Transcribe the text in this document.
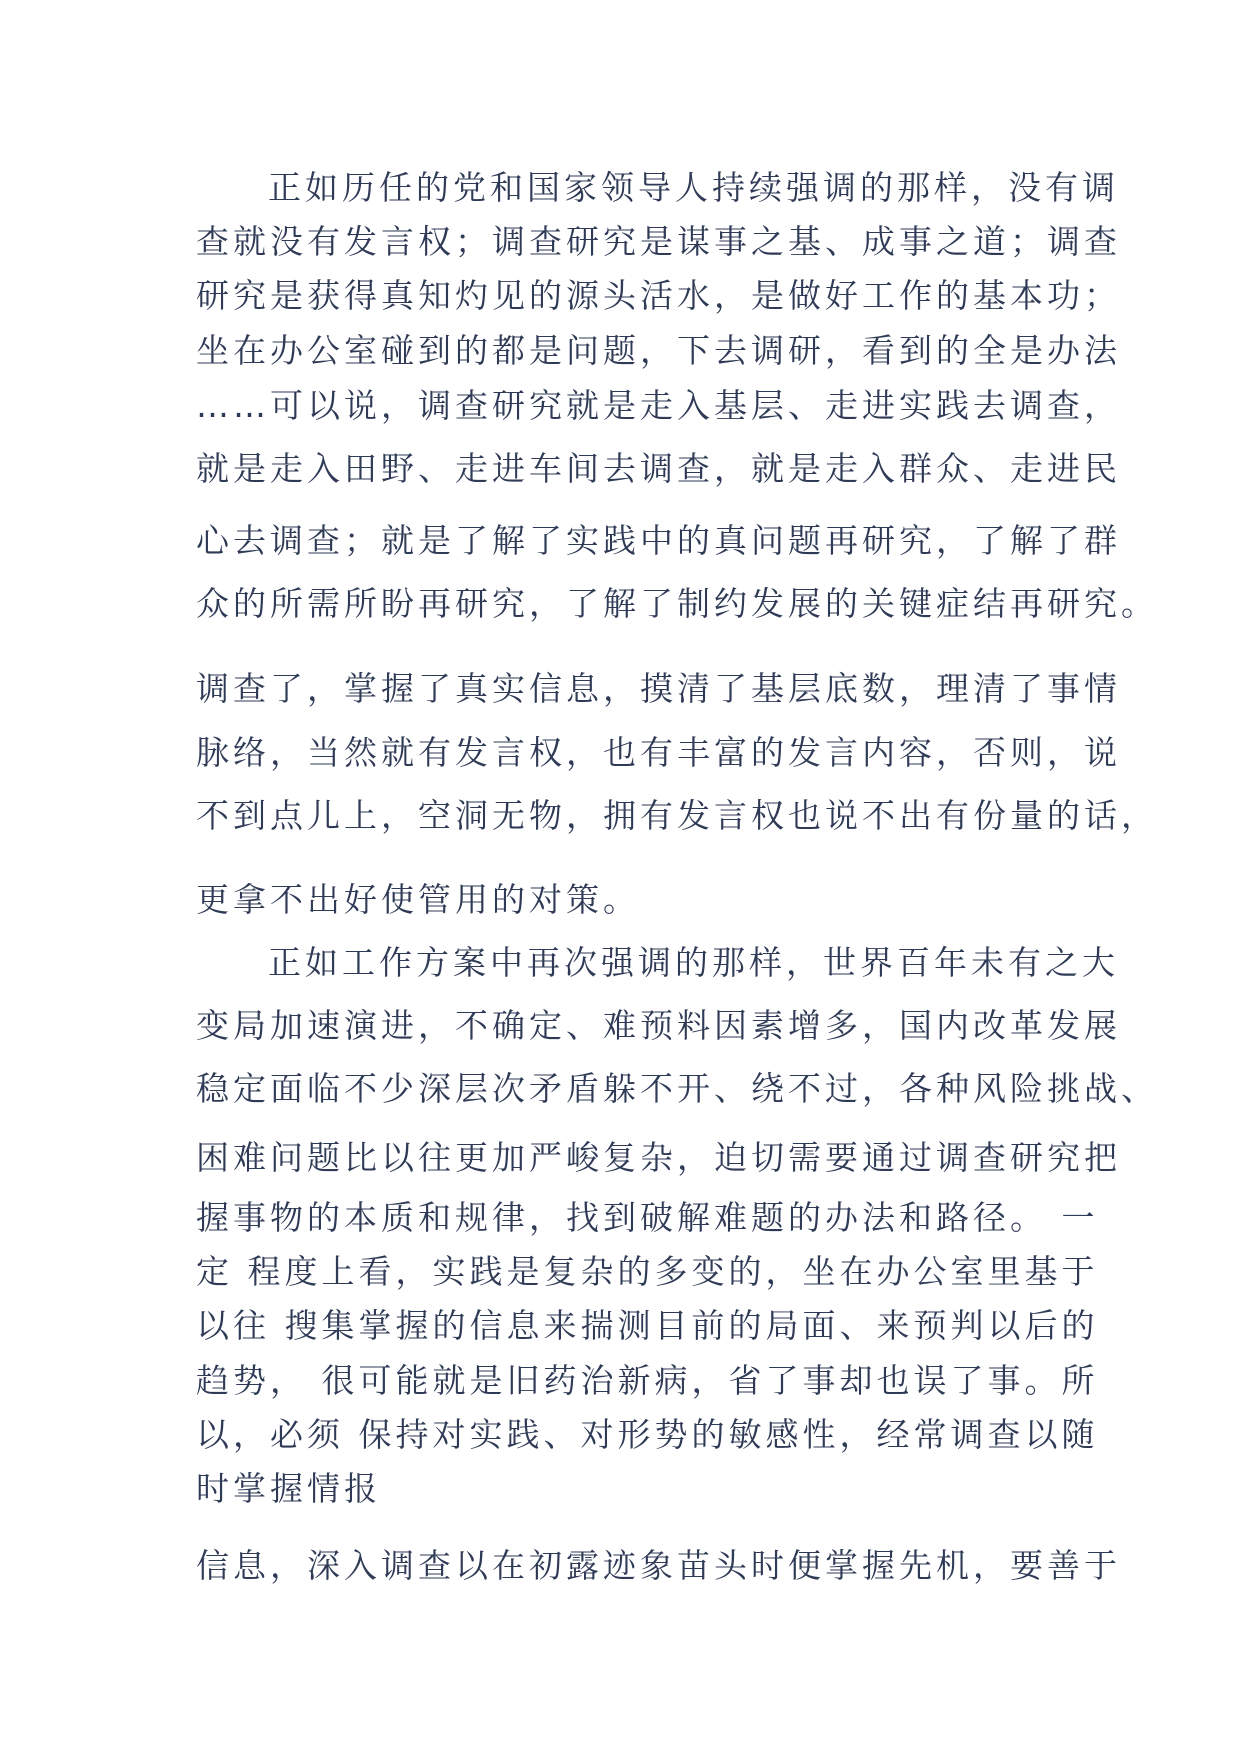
正如历任的党和国家领导人持续强调的那样，没有调
查就没有发言权；调查研究是谋事之基、成事之道；调查
研究是获得真知灼见的源头活水，是做好工作的基本功；
坐在办公室碰到的都是问题，下去调研，看到的全是办法
……可以说，调查研究就是走入基层、走进实践去调查，
就是走入田野、走进车间去调查，就是走入群众、走进民
心去调查；就是了解了实践中的真问题再研究，了解了群
众的所需所盼再研究，了解了制约发展的关键症结再研究。
调查了，掌握了真实信息，摸清了基层底数，理清了事情
脉络，当然就有发言权，也有丰富的发言内容，否则，说
不到点儿上，空洞无物，拥有发言权也说不出有份量的话，
更拿不出好使管用的对策。
正如工作方案中再次强调的那样，世界百年未有之大
变局加速演进，不确定、难预料因素增多，国内改革发展
稳定面临不少深层次矛盾躲不开、绕不过，各种风险挑战、
困难问题比以往更加严峻复杂，迫切需要通过调查研究把
握事物的本质和规律，找到破解难题的办法和路径。 一
定 程度上看，实践是复杂的多变的，坐在办公室里基于
以往 搜集掌握的信息来揣测目前的局面、来预判以后的
趋势， 很可能就是旧药治新病，省了事却也误了事。所
以，必须 保持对实践、对形势的敏感性，经常调查以随
时掌握情报
信息，深入调查以在初露迹象苗头时便掌握先机，要善于
